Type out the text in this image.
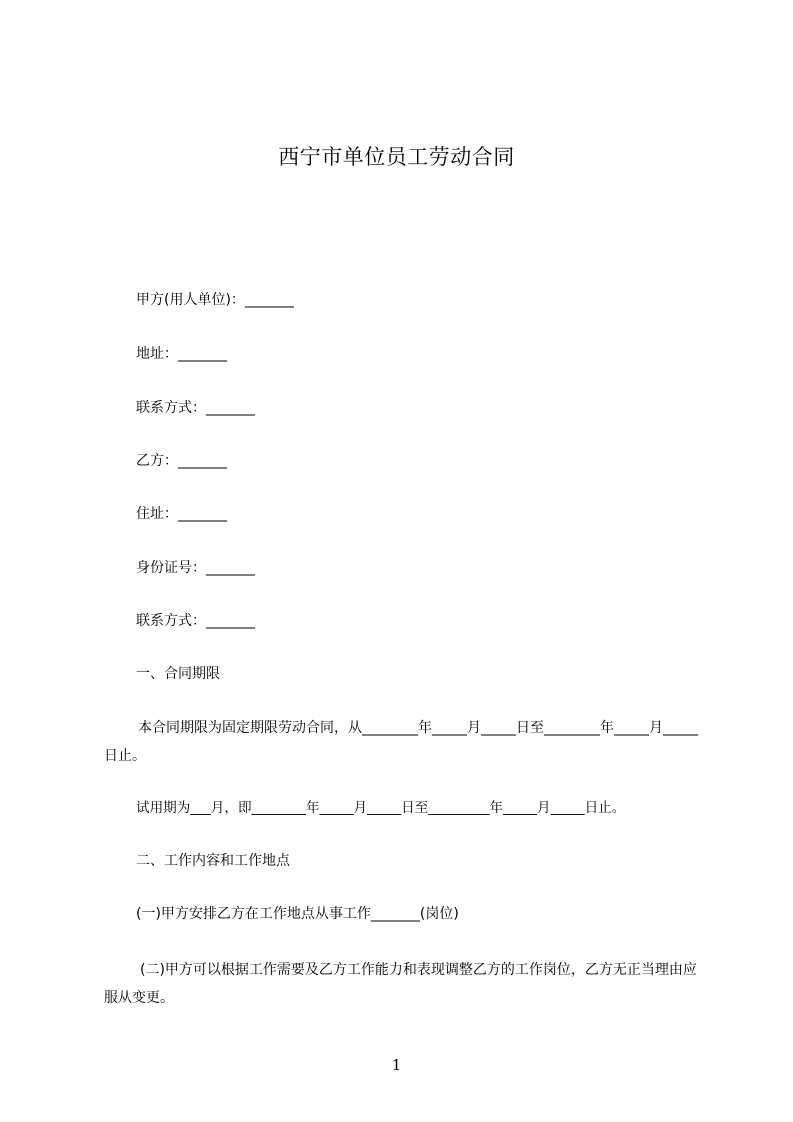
西宁市单位员工劳动合同
甲方(用人单位)：_______
地址：_______
联系方式：_______
乙方：_______
住址：_______
身份证号：_______
联系方式：_______
一、合同期限
本合同期限为固定期限劳动合同，从________年_____月_____日至________年_____月_____日止。
试用期为___月，即________年_____月_____日至_________年_____月_____日止。
二、工作内容和工作地点
(一)甲方安排乙方在工作地点从事工作_______(岗位)
(二)甲方可以根据工作需要及乙方工作能力和表现调整乙方的工作岗位，乙方无正当理由应服从变更。
1
